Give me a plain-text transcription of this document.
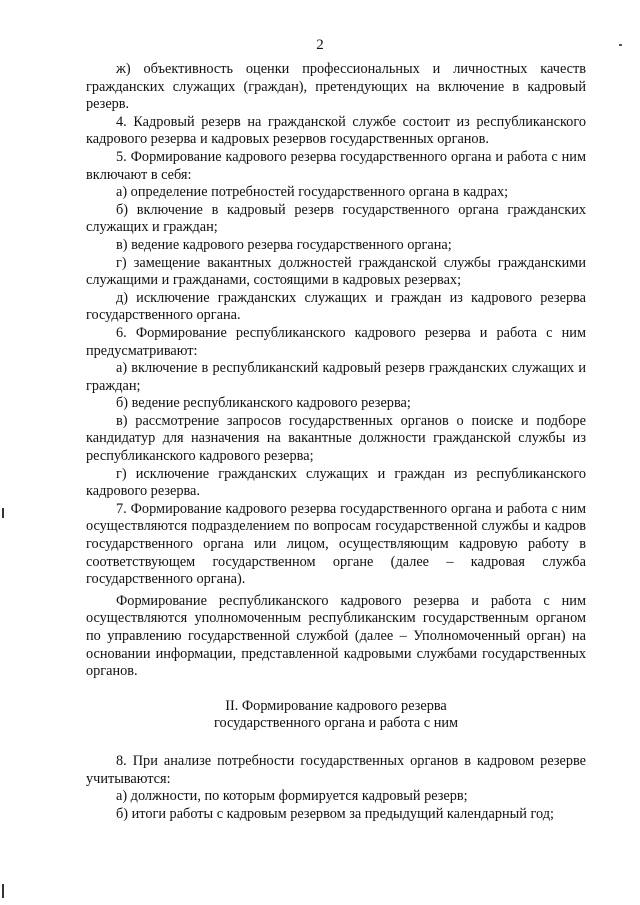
2

ж) объективность оценки профессиональных и личностных качеств гражданских служащих (граждан), претендующих на включение в кадровый резерв.

4. Кадровый резерв на гражданской службе состоит из республиканского кадрового резерва и кадровых резервов государственных органов.

5. Формирование кадрового резерва государственного органа и работа с ним включают в себя:

а) определение потребностей государственного органа в кадрах;

б) включение в кадровый резерв государственного органа гражданских служащих и граждан;

в) ведение кадрового резерва государственного органа;

г) замещение вакантных должностей гражданской службы гражданскими служащими и гражданами, состоящими в кадровых резервах;

д) исключение гражданских служащих и граждан из кадрового резерва государственного органа.

6. Формирование республиканского кадрового резерва и работа с ним предусматривают:

а) включение в республиканский кадровый резерв гражданских служащих и граждан;

б) ведение республиканского кадрового резерва;

в) рассмотрение запросов государственных органов о поиске и подборе кандидатур для назначения на вакантные должности гражданской службы из республиканского кадрового резерва;

г) исключение гражданских служащих и граждан из республиканского кадрового резерва.

7. Формирование кадрового резерва государственного органа и работа с ним осуществляются подразделением по вопросам государственной службы и кадров государственного органа или лицом, осуществляющим кадровую работу в соответствующем государственном органе (далее – кадровая служба государственного органа).

Формирование республиканского кадрового резерва и работа с ним осуществляются уполномоченным республиканским государственным органом по управлению государственной службой (далее – Уполномоченный орган) на основании информации, представленной кадровыми службами государственных органов.

II. Формирование кадрового резерва
государственного органа и работа с ним

8. При анализе потребности государственных органов в кадровом резерве учитываются:

а) должности, по которым формируется кадровый резерв;

б) итоги работы с кадровым резервом за предыдущий календарный год;
